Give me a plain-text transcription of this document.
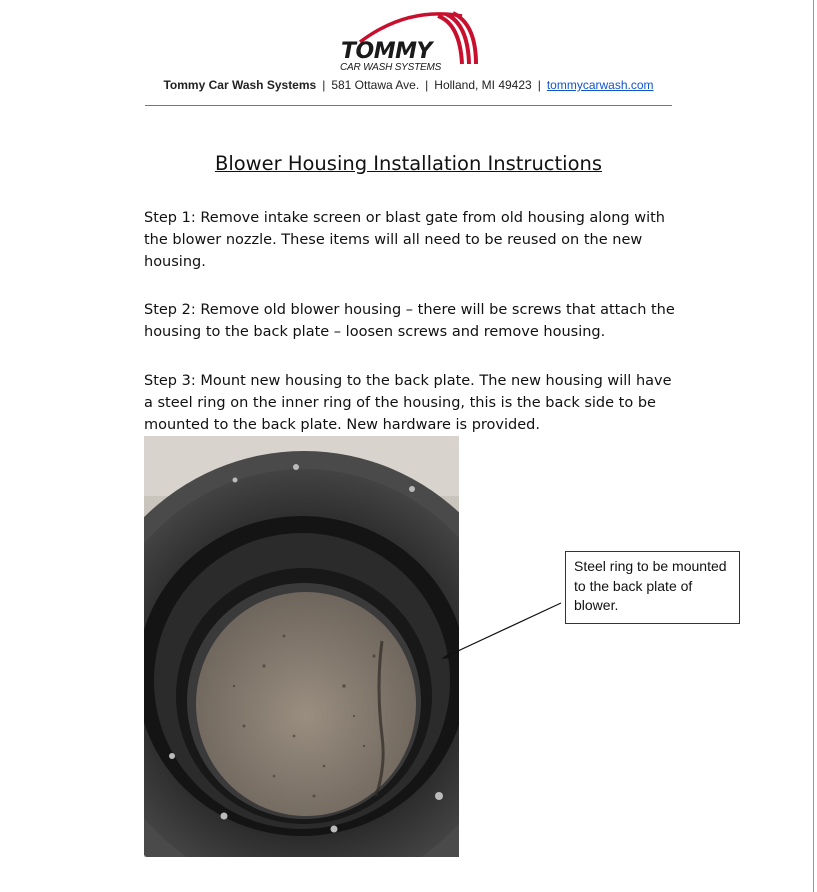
TOMMY
CAR WASH SYSTEMS
Tommy Car Wash Systems | 581 Ottawa Ave. | Holland, MI 49423 | tommycarwash.com
Blower Housing Installation Instructions
Step 1: Remove intake screen or blast gate from old housing along with the blower nozzle. These items will all need to be reused on the new housing.
Step 2: Remove old blower housing – there will be screws that attach the housing to the back plate – loosen screws and remove housing.
Step 3: Mount new housing to the back plate. The new housing will have a steel ring on the inner ring of the housing, this is the back side to be mounted to the back plate. New hardware is provided.
Steel ring to be mounted to the back plate of blower.
